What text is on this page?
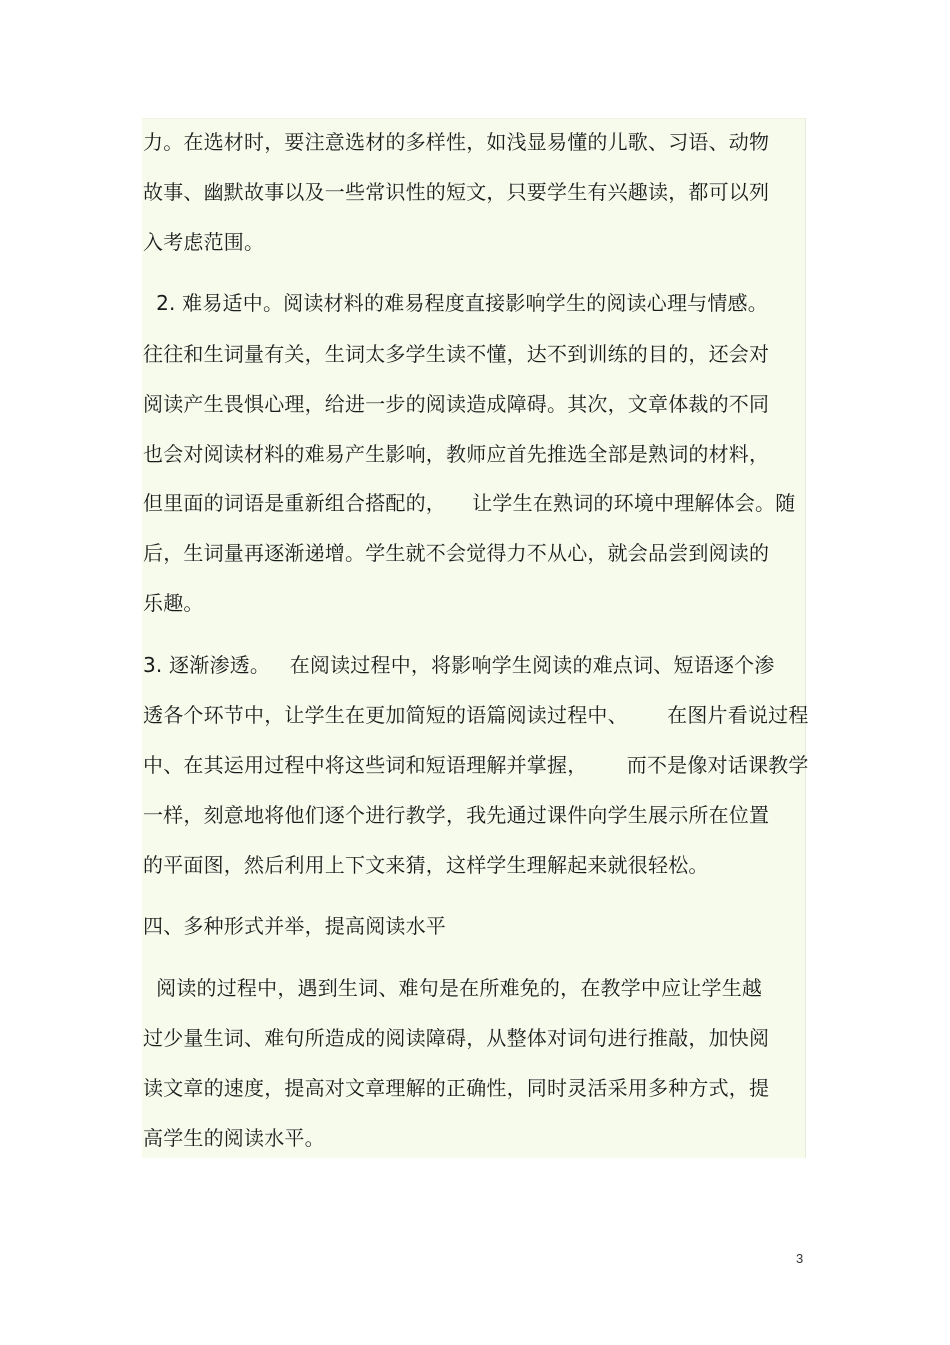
力。在选材时，要注意选材的多样性，如浅显易懂的儿歌、习语、动物
故事、幽默故事以及一些常识性的短文，只要学生有兴趣读，都可以列
入考虑范围。
2. 难易适中。阅读材料的难易程度直接影响学生的阅读心理与情感。
往往和生词量有关，生词太多学生读不懂，达不到训练的目的，还会对
阅读产生畏惧心理，给进一步的阅读造成障碍。其次，文章体裁的不同
也会对阅读材料的难易产生影响，教师应首先推选全部是熟词的材料，
但里面的词语是重新组合搭配的，    让学生在熟词的环境中理解体会。随
后，生词量再逐渐递增。学生就不会觉得力不从心，就会品尝到阅读的
乐趣。
3. 逐渐渗透。   在阅读过程中，将影响学生阅读的难点词、短语逐个渗
透各个环节中，让学生在更加简短的语篇阅读过程中、      在图片看说过程
中、在其运用过程中将这些词和短语理解并掌握，      而不是像对话课教学
一样，刻意地将他们逐个进行教学，我先通过课件向学生展示所在位置
的平面图，然后利用上下文来猜，这样学生理解起来就很轻松。
四、多种形式并举，提高阅读水平
阅读的过程中，遇到生词、难句是在所难免的，在教学中应让学生越
过少量生词、难句所造成的阅读障碍，从整体对词句进行推敲，加快阅
读文章的速度，提高对文章理解的正确性，同时灵活采用多种方式，提
高学生的阅读水平。
3
